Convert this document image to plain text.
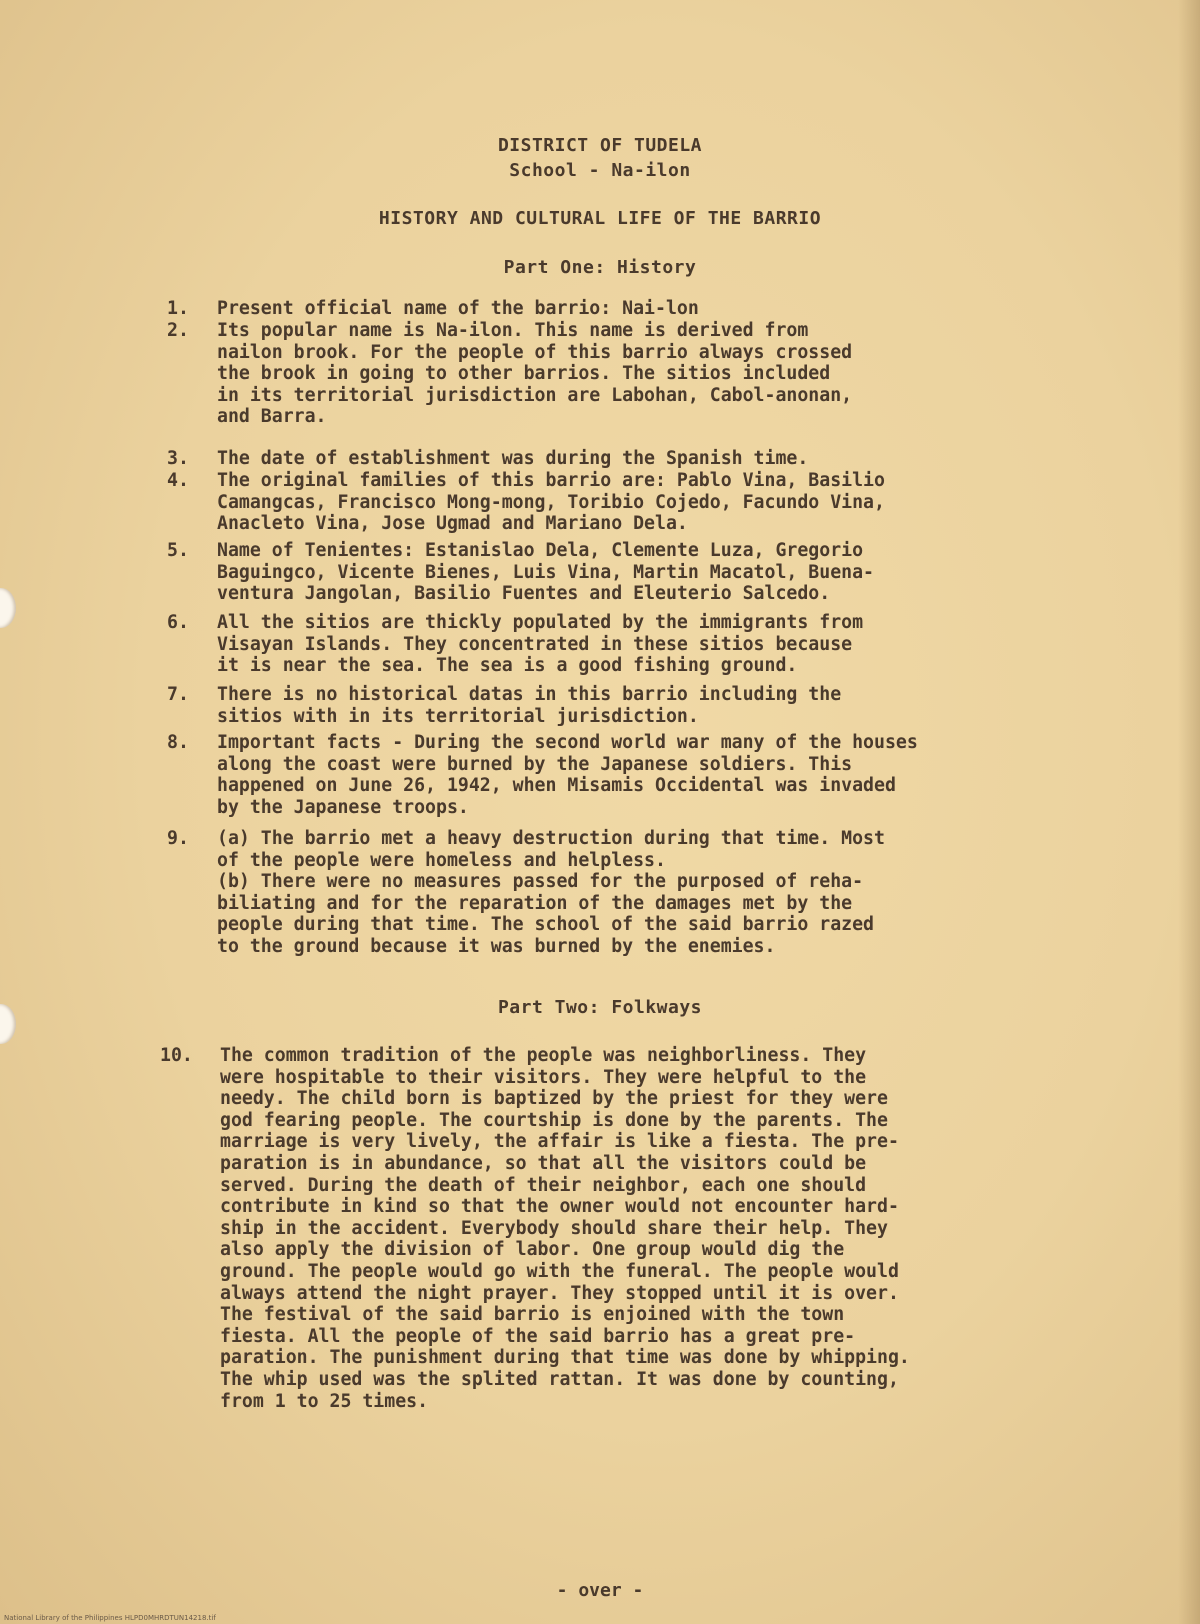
DISTRICT OF TUDELA
School - Na-ilon
HISTORY AND CULTURAL LIFE OF THE BARRIO
Part One: History
1.	Present official name of the barrio: Nai-lon
2.	Its popular name is Na-ilon. This name is derived from
nailon brook. For the people of this barrio always crossed
the brook in going to other barrios. The sitios included
in its territorial jurisdiction are Labohan, Cabol-anonan,
and Barra.
3.	The date of establishment was during the Spanish time.
4.	The original families of this barrio are: Pablo Vina, Basilio
Camangcas, Francisco Mong-mong, Toribio Cojedo, Facundo Vina,
Anacleto Vina, Jose Ugmad and Mariano Dela.
5.	Name of Tenientes: Estanislao Dela, Clemente Luza, Gregorio
Baguingco, Vicente Bienes, Luis Vina, Martin Macatol, Buena-
ventura Jangolan, Basilio Fuentes and Eleuterio Salcedo.
6.	All the sitios are thickly populated by the immigrants from
Visayan Islands. They concentrated in these sitios because
it is near the sea. The sea is a good fishing ground.
7.	There is no historical datas in this barrio including the
sitios with in its territorial jurisdiction.
8.	Important facts - During the second world war many of the houses
along the coast were burned by the Japanese soldiers. This
happened on June 26, 1942, when Misamis Occidental was invaded
by the Japanese troops.
9.	(a) The barrio met a heavy destruction during that time. Most
of the people were homeless and helpless.
(b) There were no measures passed for the purposed of reha-
biliating and for the reparation of the damages met by the
people during that time. The school of the said barrio razed
to the ground because it was burned by the enemies.
Part Two: Folkways
10.	The common tradition of the people was neighborliness. They
were hospitable to their visitors. They were helpful to the
needy. The child born is baptized by the priest for they were
god fearing people. The courtship is done by the parents. The
marriage is very lively, the affair is like a fiesta. The pre-
paration is in abundance, so that all the visitors could be
served. During the death of their neighbor, each one should
contribute in kind so that the owner would not encounter hard-
ship in the accident. Everybody should share their help. They
also apply the division of labor. One group would dig the
ground. The people would go with the funeral. The people would
always attend the night prayer. They stopped until it is over.
The festival of the said barrio is enjoined with the town
fiesta. All the people of the said barrio has a great pre-
paration. The punishment during that time was done by whipping.
The whip used was the splited rattan. It was done by counting,
from 1 to 25 times.
- over -
National Library of the Philippines HLPD0MHRDTUN14218.tif
